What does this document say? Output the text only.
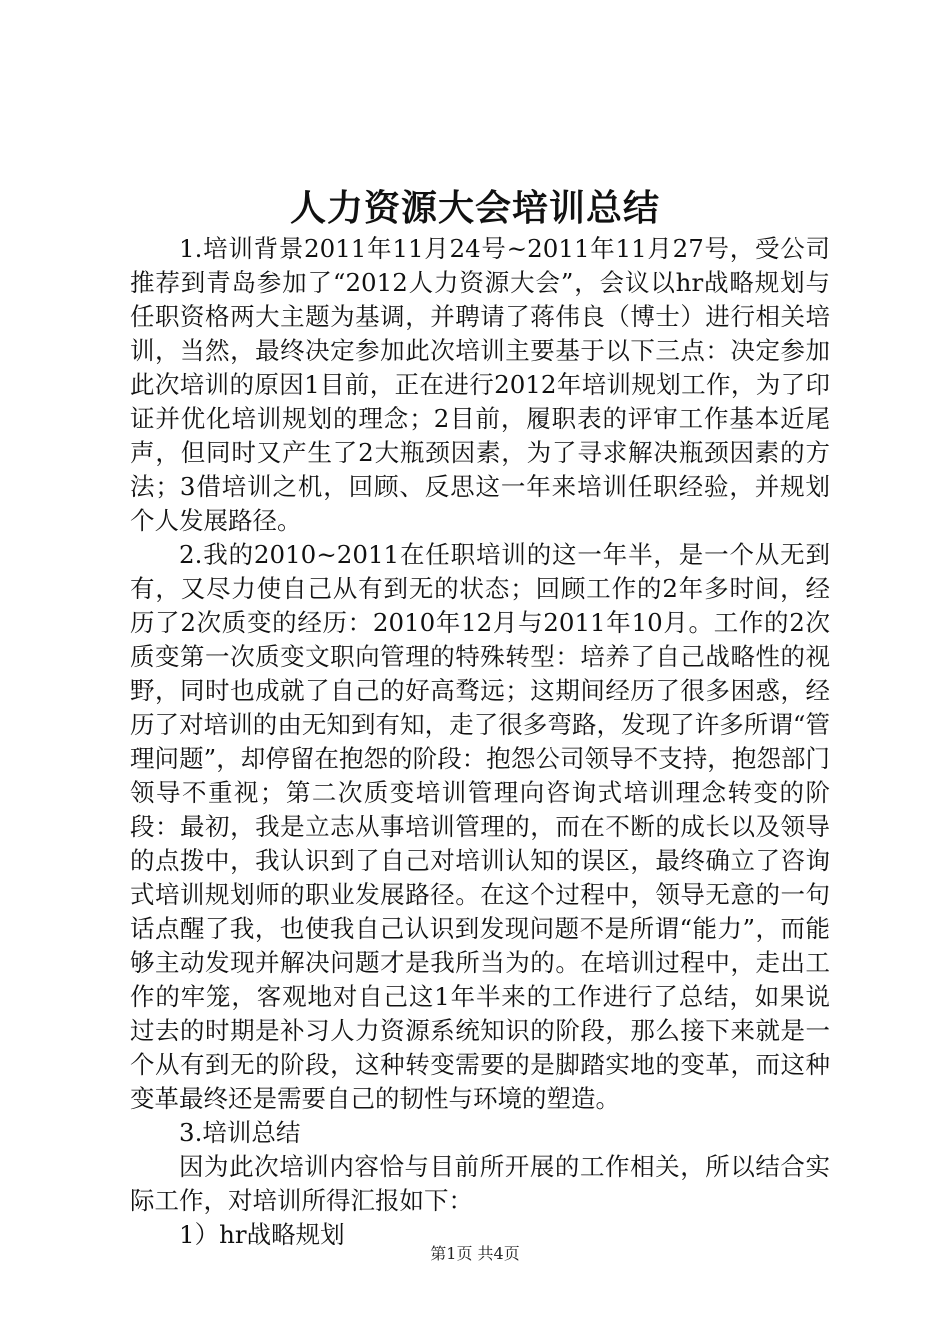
人力资源大会培训总结

1.培训背景2011年11月24号~2011年11月27号，受公司推荐到青岛参加了“2012人力资源大会”，会议以hr战略规划与任职资格两大主题为基调，并聘请了蒋伟良（博士）进行相关培训，当然，最终决定参加此次培训主要基于以下三点：决定参加此次培训的原因1目前，正在进行2012年培训规划工作，为了印证并优化培训规划的理念；2目前，履职表的评审工作基本近尾声，但同时又产生了2大瓶颈因素，为了寻求解决瓶颈因素的方法；3借培训之机，回顾、反思这一年来培训任职经验，并规划个人发展路径。

2.我的2010~2011在任职培训的这一年半，是一个从无到有，又尽力使自己从有到无的状态；回顾工作的2年多时间，经历了2次质变的经历：2010年12月与2011年10月。工作的2次质变第一次质变文职向管理的特殊转型：培养了自己战略性的视野，同时也成就了自己的好高骛远；这期间经历了很多困惑，经历了对培训的由无知到有知，走了很多弯路，发现了许多所谓“管理问题”，却停留在抱怨的阶段：抱怨公司领导不支持，抱怨部门领导不重视；第二次质变培训管理向咨询式培训理念转变的阶段：最初，我是立志从事培训管理的，而在不断的成长以及领导的点拨中，我认识到了自己对培训认知的误区，最终确立了咨询式培训规划师的职业发展路径。在这个过程中，领导无意的一句话点醒了我，也使我自己认识到发现问题不是所谓“能力”，而能够主动发现并解决问题才是我所当为的。在培训过程中，走出工作的牢笼，客观地对自己这1年半来的工作进行了总结，如果说过去的时期是补习人力资源系统知识的阶段，那么接下来就是一个从有到无的阶段，这种转变需要的是脚踏实地的变革，而这种变革最终还是需要自己的韧性与环境的塑造。

3.培训总结

因为此次培训内容恰与目前所开展的工作相关，所以结合实际工作，对培训所得汇报如下：

1）hr战略规划

第1页 共4页
